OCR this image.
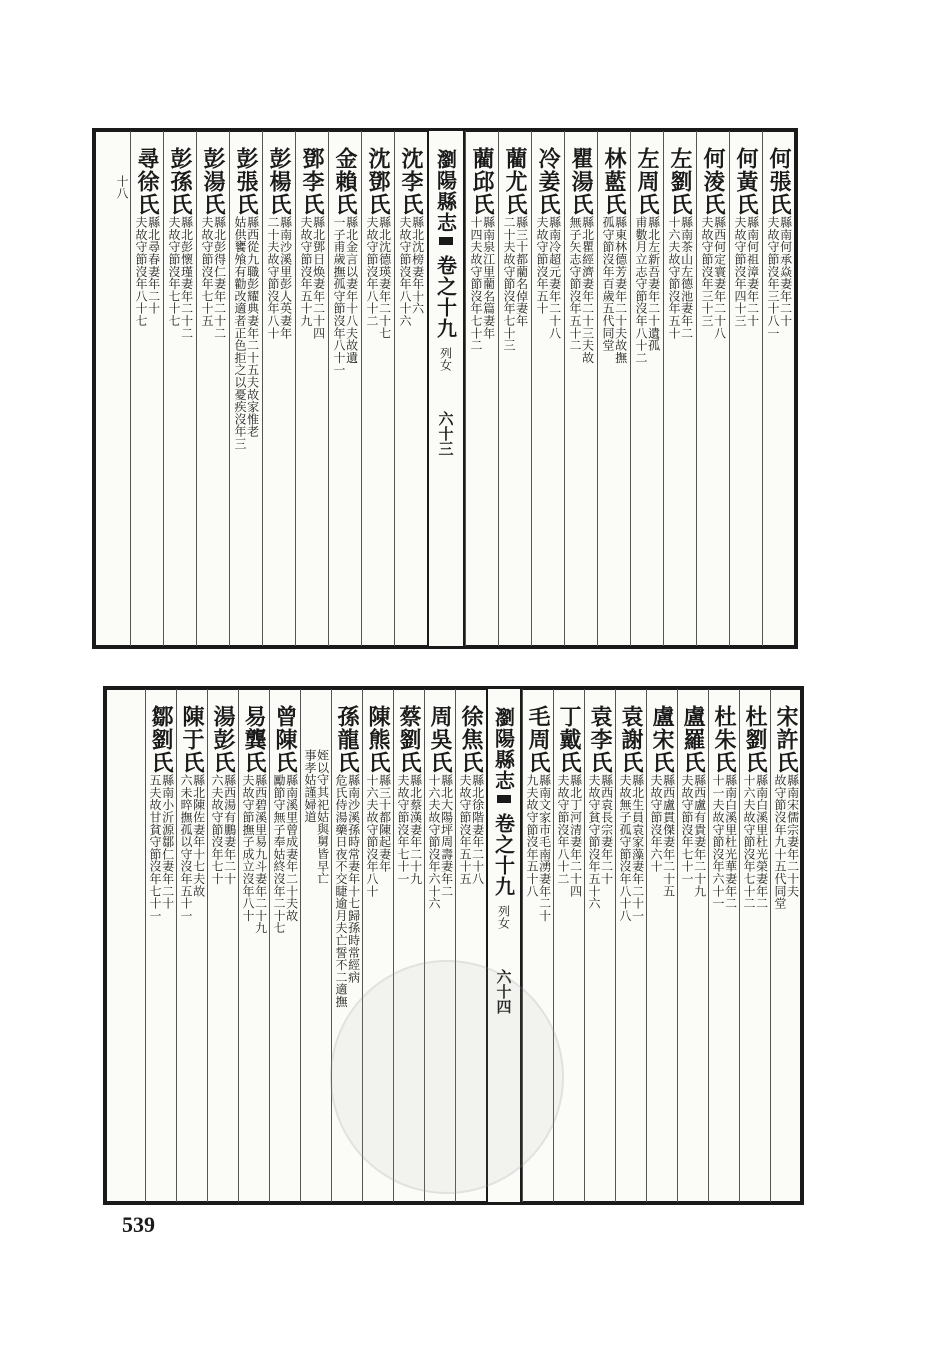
何張氏
縣南何承焱妻年二十
夫故守節沒年三十八一
何黃氏
縣南何祖漳妻年二十
夫故守節沒年四十三
何淩氏
縣西何定寰妻年二十八
夫故守節沒年三十三
左劉氏
縣南茶山左德池妻年二
十六夫故守節沒年五十
左周氏
縣北左新吾妻年二十遺孤
甫數月立志守節沒年八十二
林藍氏
縣東林德芳妻年二十夫故撫
孤守節沒年百歲五代同堂
瞿湯氏
縣北瞿經濟妻年二十三夫故
無子矢志守節沒年五十二
冷姜氏
縣南冷超元妻年二十八
夫故守節沒年五十
藺尤氏
縣三十都藺名倬妻年
二十夫故守節沒年七十三
藺邱氏
縣南泉江里藺名篇妻年
十四夫故守節沒年七十二
瀏陽縣志
卷之十九
列女
六十三
沈李氏
縣北沈榜妻年十六
夫故守節沒年八十六
沈鄧氏
縣北沈德瑛妻年二十七
夫故守節沒年八十二
金賴氏
縣北金言以妻年十八夫故遺
一子甫歲撫孤守節沒年八十一
鄧李氏
縣北鄧日焕妻年二十四
夫故守節沒年五十九
彭楊氏
縣南沙溪里彭人英妻年
二十夫故守節沒年八十
彭張氏
縣西從九職彭耀典妻年二十五夫故家惟老
姑供饔飧有勸改適者正色拒之以憂疾沒年三
彭湯氏
縣北彭得仁妻年二十二
夫故守節沒年七十五
彭孫氏
縣北彭懷瑾妻年二十二
夫故守節沒年七十七
尋徐氏
縣北尋春妻年二十
夫故守節沒年八十七
十八
宋許氏
縣南宋儒宗妻年二十夫
故守節沒年九十五代同堂
杜劉氏
縣南白溪里杜光榮妻年二
十六夫故守節沒年七十二
杜朱氏
縣南白溪里杜光華妻年二
十一夫故守節沒年六十一
盧羅氏
縣西盧有貴妻年二十九
夫故守節沒年七十一
盧宋氏
縣西盧貫傑妻年二十五
夫故守節沒年六十
袁謝氏
縣北生員袁家藻妻年二十一
夫故無子孤守節沒年八十八
袁李氏
縣西袁長宗妻年二十
夫故守貧守節沒年五十六
丁戴氏
縣北丁河清妻年二十四
夫故守節沒年八十二
毛周氏
縣南文家市毛南湧妻年二十
九夫故守節沒年五十八
瀏陽縣志
卷之十九
列女
六十四
徐焦氏
縣北徐階妻年二十八
夫故守節沒年五十五
周吳氏
縣北大陽坪周壽妻年二
十六夫故守節沒年六十六
蔡劉氏
縣北蔡漢妻年二十九
夫故守節沒年七十一
陳熊氏
縣三十都陳起妻年
十六夫故守節沒年八十
孫龍氏
縣南沙溪孫時常妻年十七歸孫時常經病
危氏侍湯藥日夜不交睫逾月夫亡誓不二適撫
姪以守其祀姑與舅皆早亡
事孝姑謹婦道
曾陳氏
縣南溪里曾成妻年二十夫故
勵節守無子奉姑終沒年二十七
易龔氏
縣西碧溪里易九斗妻年二十九
夫故守節撫子成立沒年八十
湯彭氏
縣西湯有鵬妻年二十
六夫故守節沒年七十
陳于氏
縣北陳佐妻年十七夫故
六未晬撫孤以守沒年五十一
鄒劉氏
縣南小沂源鄒仁妻年二十
五夫故甘貧守節沒年七十一
539
